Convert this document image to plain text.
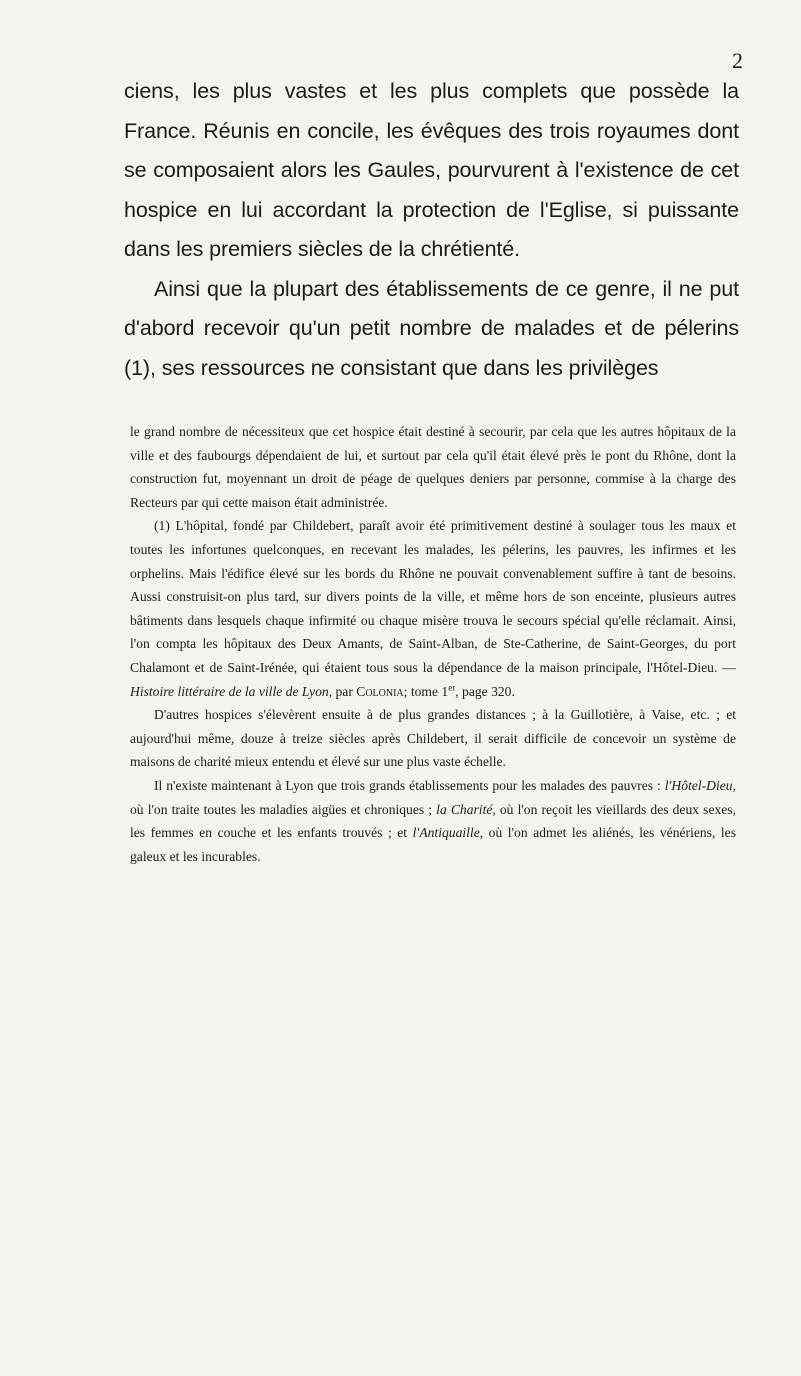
2

ciens, les plus vastes et les plus complets que possède la France. Réunis en concile, les évêques des trois royaumes dont se composaient alors les Gaules, pourvurent à l'existence de cet hospice en lui accordant la protection de l'Eglise, si puissante dans les premiers siècles de la chrétienté.

Ainsi que la plupart des établissements de ce genre, il ne put d'abord recevoir qu'un petit nombre de malades et de pélerins (1), ses ressources ne consistant que dans les privilèges

le grand nombre de nécessiteux que cet hospice était destiné à secourir, par cela que les autres hôpitaux de la ville et des faubourgs dépendaient de lui, et surtout par cela qu'il était élevé près le pont du Rhône, dont la construction fut, moyennant un droit de péage de quelques deniers par personne, commise à la charge des Recteurs par qui cette maison était administrée.

(1) L'hôpital, fondé par Childebert, paraît avoir été primitivement destiné à soulager tous les maux et toutes les infortunes quelconques, en recevant les malades, les pélerins, les pauvres, les infirmes et les orphelins. Mais l'édifice élevé sur les bords du Rhône ne pouvait convenablement suffire à tant de besoins. Aussi construisit-on plus tard, sur divers points de la ville, et même hors de son enceinte, plusieurs autres bâtiments dans lesquels chaque infirmité ou chaque misère trouva le secours spécial qu'elle réclamait. Ainsi, l'on compta les hôpitaux des Deux Amants, de Saint-Alban, de Ste-Catherine, de Saint-Georges, du port Chalamont et de Saint-Irénée, qui étaient tous sous la dépendance de la maison principale, l'Hôtel-Dieu. — Histoire littéraire de la ville de Lyon, par Colonia; tome 1er, page 320.

D'autres hospices s'élevèrent ensuite à de plus grandes distances ; à la Guillotière, à Vaise, etc. ; et aujourd'hui même, douze à treize siècles après Childebert, il serait difficile de concevoir un système de maisons de charité mieux entendu et élevé sur une plus vaste échelle.

Il n'existe maintenant à Lyon que trois grands établissements pour les malades des pauvres : l'Hôtel-Dieu, où l'on traite toutes les maladies aigües et chroniques ; la Charité, où l'on reçoit les vieillards des deux sexes, les femmes en couche et les enfants trouvés ; et l'Antiquaille, où l'on admet les aliénés, les vénériens, les galeux et les incurables.
